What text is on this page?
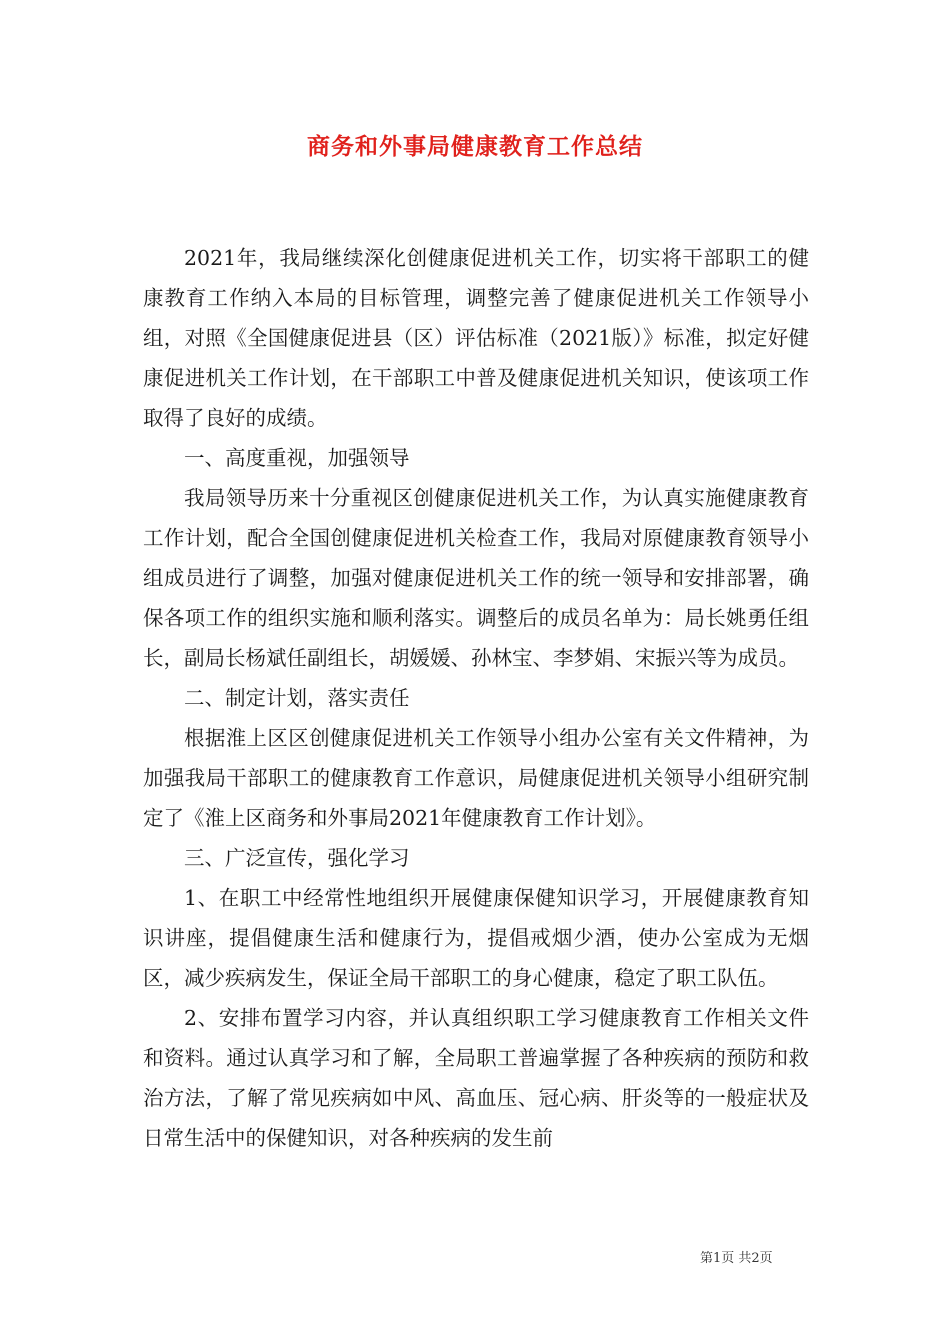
商务和外事局健康教育工作总结

2021年，我局继续深化创健康促进机关工作，切实将干部职工的健康教育工作纳入本局的目标管理，调整完善了健康促进机关工作领导小组，对照《全国健康促进县（区）评估标准（2021版）》标准，拟定好健康促进机关工作计划，在干部职工中普及健康促进机关知识，使该项工作取得了良好的成绩。

一、高度重视，加强领导

我局领导历来十分重视区创健康促进机关工作，为认真实施健康教育工作计划，配合全国创健康促进机关检查工作，我局对原健康教育领导小组成员进行了调整，加强对健康促进机关工作的统一领导和安排部署，确保各项工作的组织实施和顺利落实。调整后的成员名单为：局长姚勇任组长，副局长杨斌任副组长，胡媛媛、孙林宝、李梦娟、宋振兴等为成员。

二、制定计划，落实责任

根据淮上区区创健康促进机关工作领导小组办公室有关文件精神，为加强我局干部职工的健康教育工作意识，局健康促进机关领导小组研究制定了《淮上区商务和外事局2021年健康教育工作计划》。

三、广泛宣传，强化学习

1、在职工中经常性地组织开展健康保健知识学习，开展健康教育知识讲座，提倡健康生活和健康行为，提倡戒烟少酒，使办公室成为无烟区，减少疾病发生，保证全局干部职工的身心健康，稳定了职工队伍。

2、安排布置学习内容，并认真组织职工学习健康教育工作相关文件和资料。通过认真学习和了解，全局职工普遍掌握了各种疾病的预防和救治方法，了解了常见疾病如中风、高血压、冠心病、肝炎等的一般症状及日常生活中的保健知识，对各种疾病的发生前

第1页 共2页
